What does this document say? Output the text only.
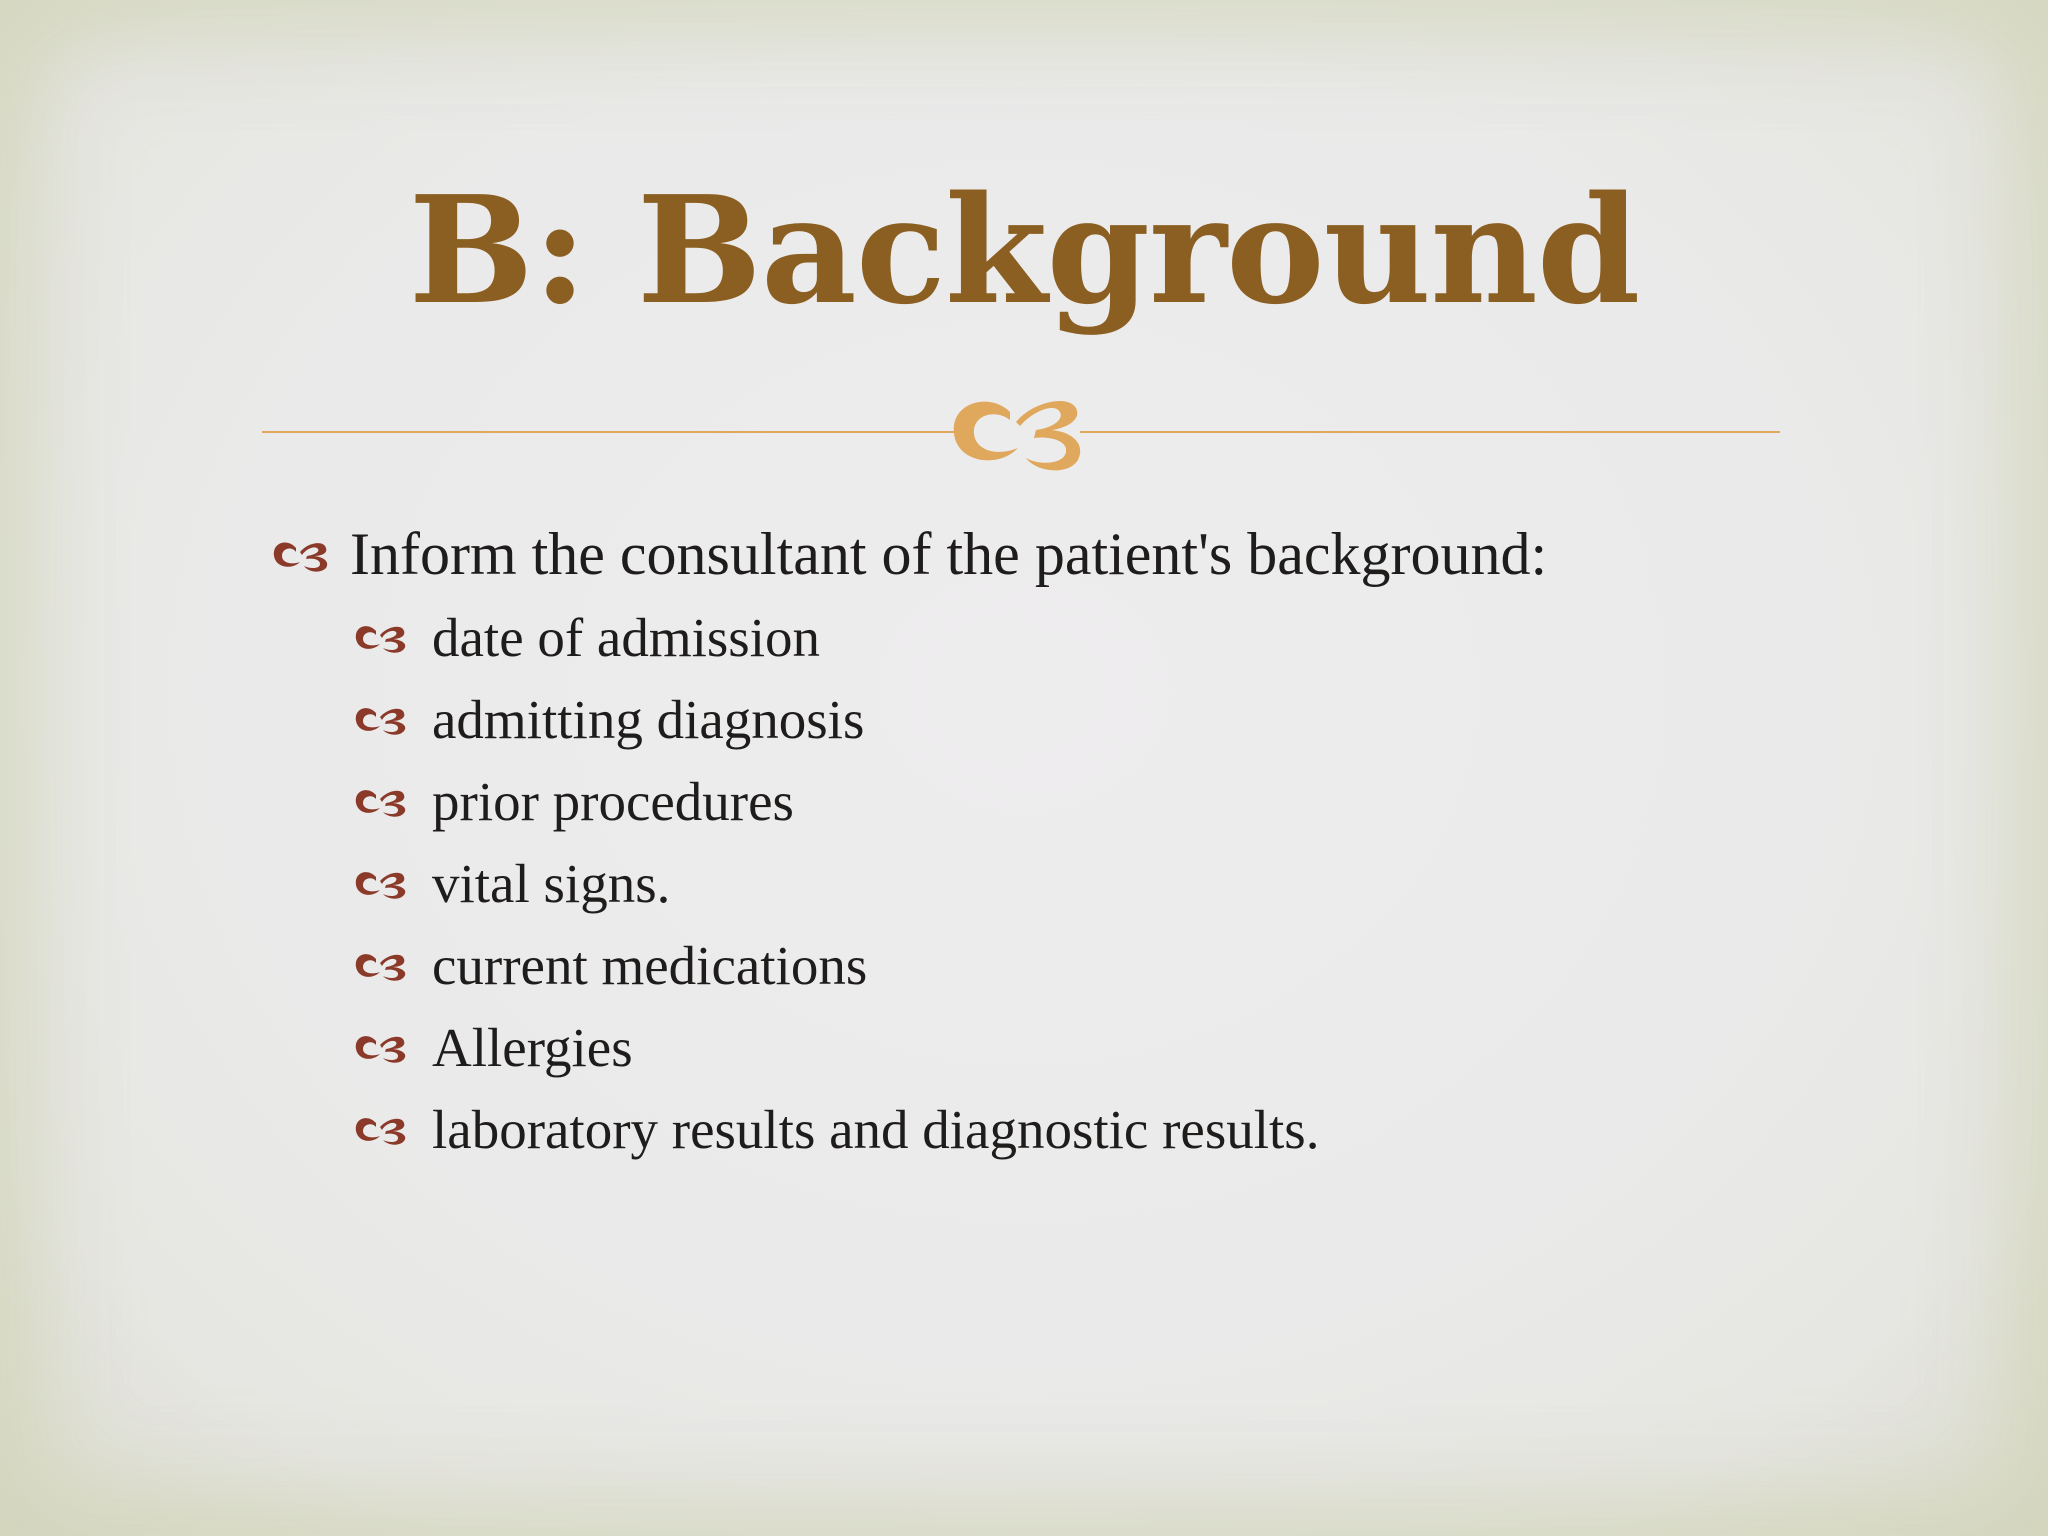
B: Background
Inform the consultant of the patient's background:
date of admission
admitting diagnosis
prior procedures
vital signs.
current medications
Allergies
laboratory results and diagnostic results.
